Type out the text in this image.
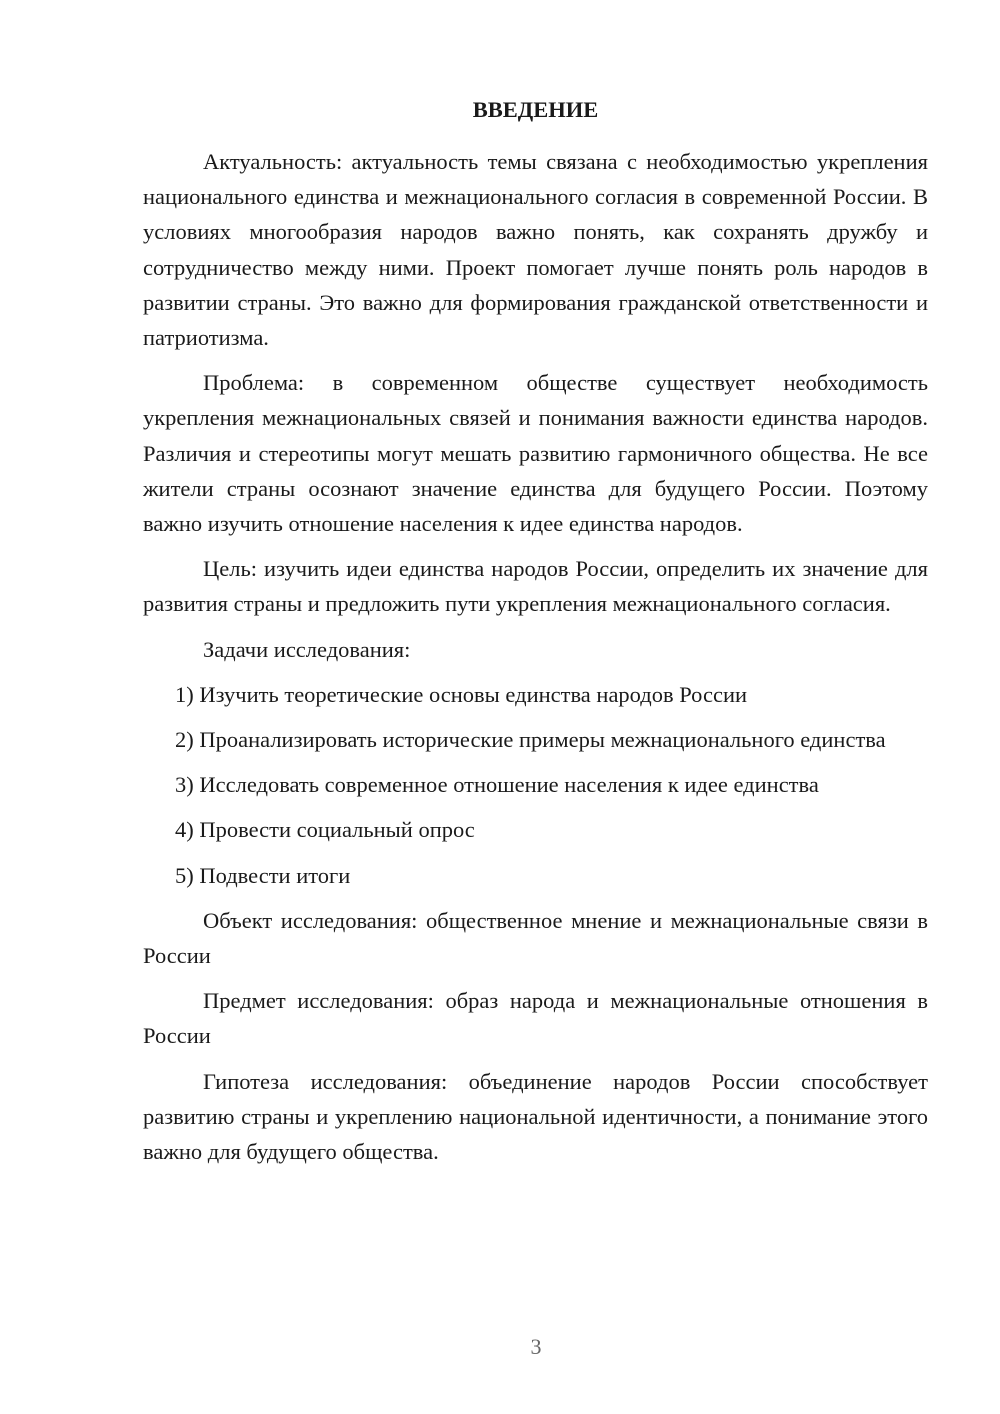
ВВЕДЕНИЕ

Актуальность: актуальность темы связана с необходимостью укрепления национального единства и межнационального согласия в современной России. В условиях многообразия народов важно понять, как сохранять дружбу и сотрудничество между ними. Проект помогает лучше понять роль народов в развитии страны. Это важно для формирования гражданской ответственности и патриотизма.

Проблема: в современном обществе существует необходимость укрепления межнациональных связей и понимания важности единства народов. Различия и стереотипы могут мешать развитию гармоничного общества. Не все жители страны осознают значение единства для будущего России. Поэтому важно изучить отношение населения к идее единства народов.

Цель: изучить идеи единства народов России, определить их значение для развития страны и предложить пути укрепления межнационального согласия.

Задачи исследования:

1) Изучить теоретические основы единства народов России

2) Проанализировать исторические примеры межнационального единства

3) Исследовать современное отношение населения к идее единства

4) Провести социальный опрос

5) Подвести итоги

Объект исследования: общественное мнение и межнациональные связи в России

Предмет исследования: образ народа и межнациональные отношения в России

Гипотеза исследования: объединение народов России способствует развитию страны и укреплению национальной идентичности, а понимание этого важно для будущего общества.

3
